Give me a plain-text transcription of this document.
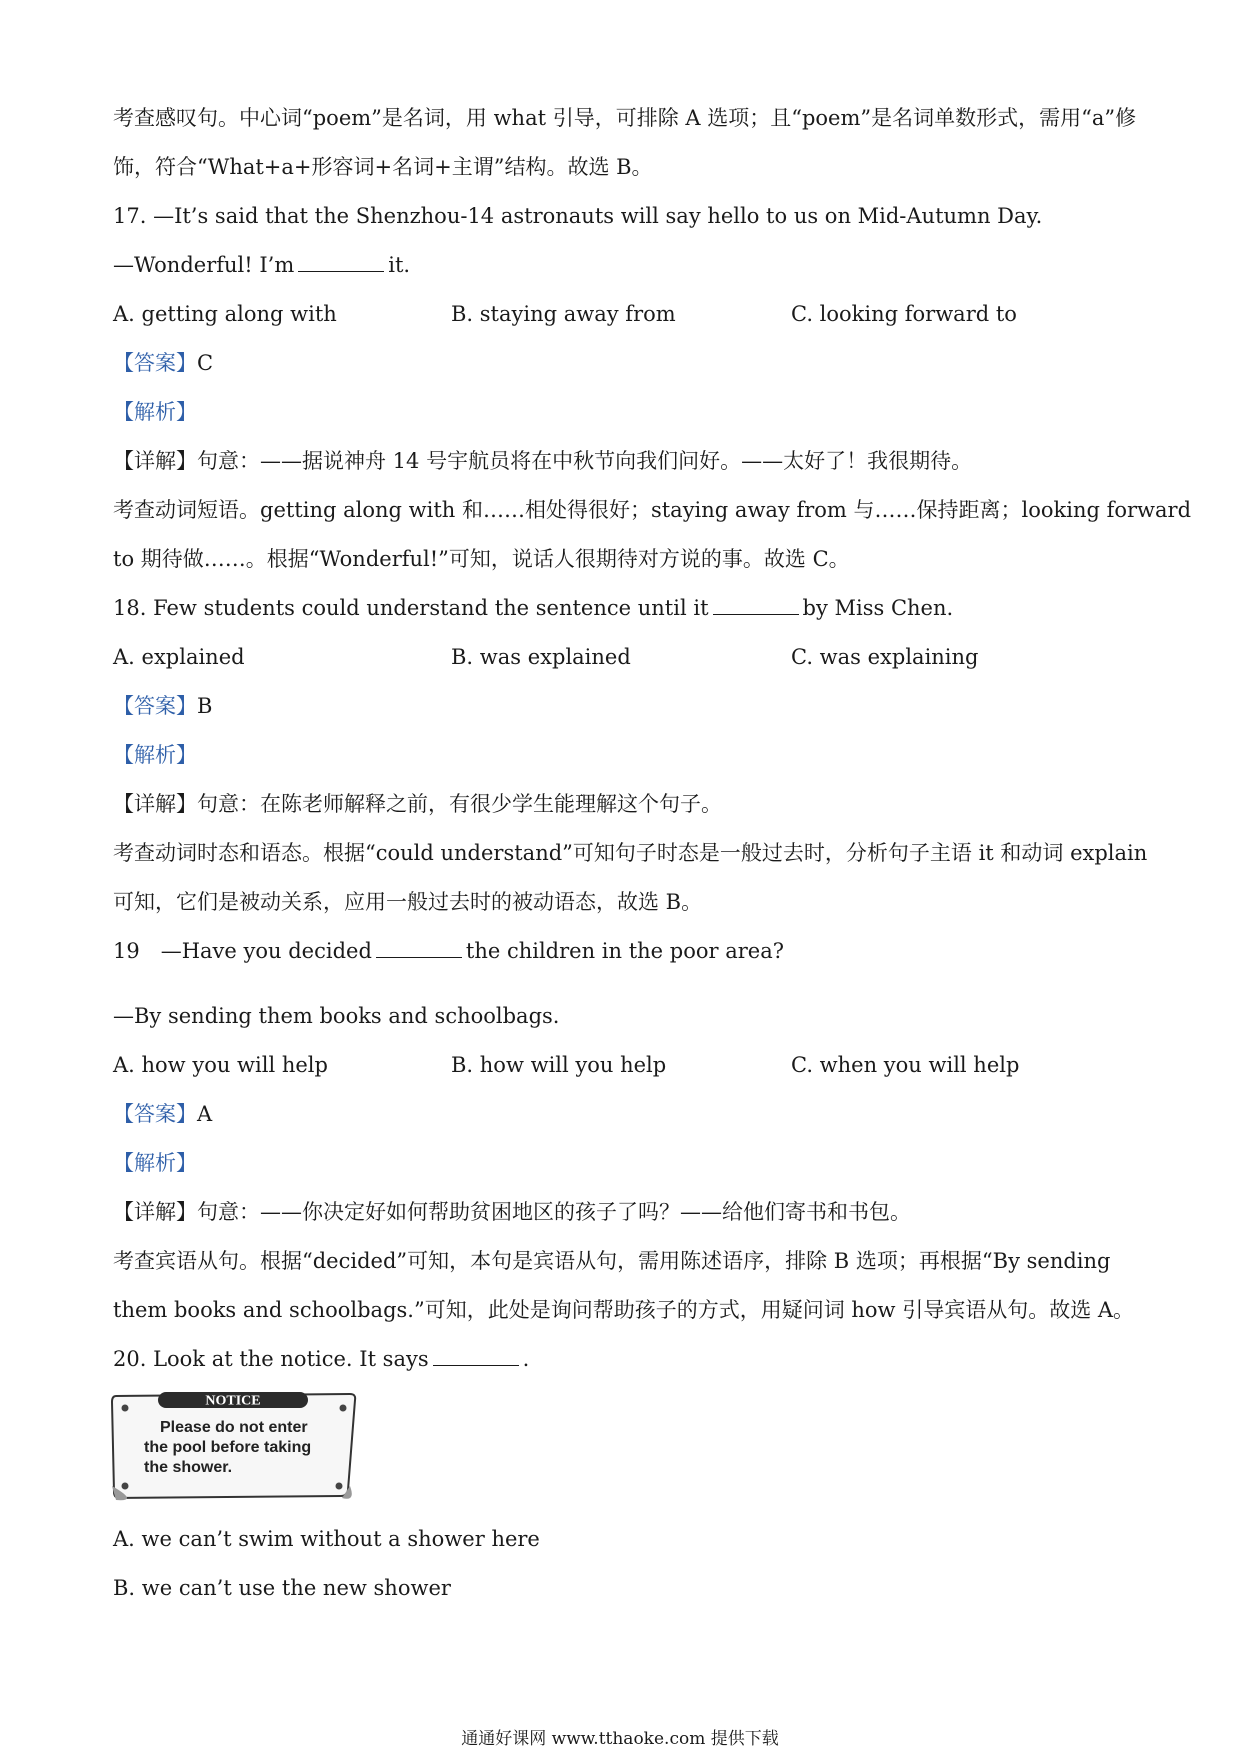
考查感叹句。中心词“poem”是名词，用 what 引导，可排除 A 选项；且“poem”是名词单数形式，需用“a”修
饰，符合“What+a+形容词+名词+主谓”结构。故选 B。
17. —It’s said that the Shenzhou-14 astronauts will say hello to us on Mid-Autumn Day.
—Wonderful! I’m	it.
A. getting along with	B. staying away from	C. looking forward to
【答案】C
【解析】
【详解】句意：——据说神舟 14 号宇航员将在中秋节向我们问好。——太好了！我很期待。
考查动词短语。getting along with 和……相处得很好；staying away from 与……保持距离；looking forward
to 期待做……。根据“Wonderful!”可知，说话人很期待对方说的事。故选 C。
18. Few students could understand the sentence until it	by Miss Chen.
A. explained	B. was explained	C. was explaining
【答案】B
【解析】
【详解】句意：在陈老师解释之前，有很少学生能理解这个句子。
考查动词时态和语态。根据“could understand”可知句子时态是一般过去时，分析句子主语 it 和动词 explain
可知，它们是被动关系，应用一般过去时的被动语态，故选 B。
19　—Have you decided	the children in the poor area?
—By sending them books and schoolbags.
A. how you will help	B. how will you help	C. when you will help
【答案】A
【解析】
【详解】句意：——你决定好如何帮助贫困地区的孩子了吗？——给他们寄书和书包。
考查宾语从句。根据“decided”可知，本句是宾语从句，需用陈述语序，排除 B 选项；再根据“By sending
them books and schoolbags.”可知，此处是询问帮助孩子的方式，用疑问词 how 引导宾语从句。故选 A。
20. Look at the notice. It says	.
NOTICE
Please do not enter
the pool before taking
the shower.
A. we can’t swim without a shower here
B. we can’t use the new shower
通通好课网 www.tthaoke.com 提供下载
